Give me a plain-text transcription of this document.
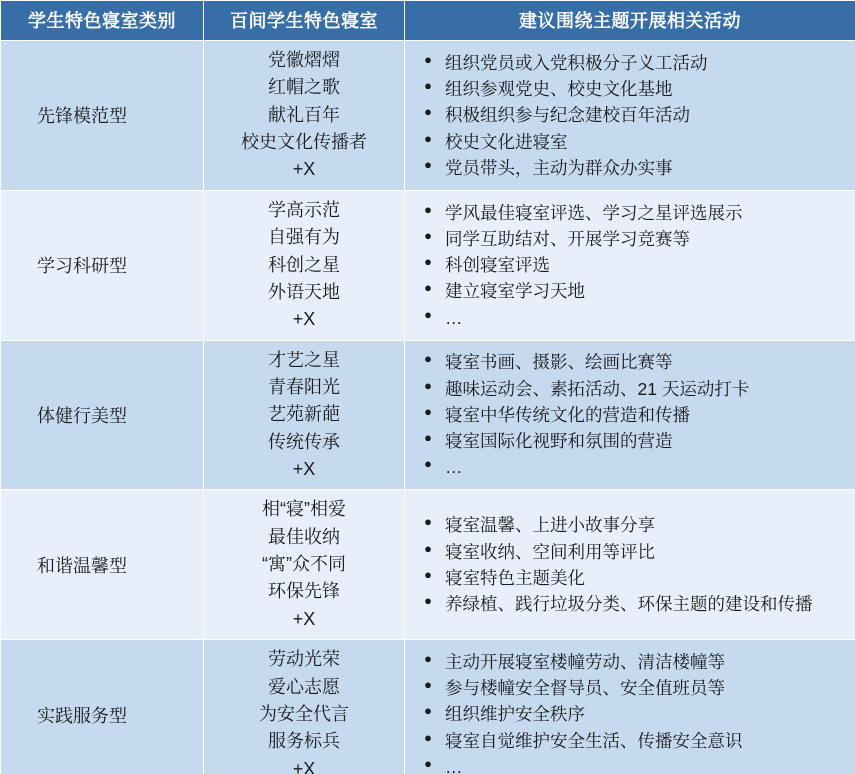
学生特色寝室类别	百间学生特色寝室	建议围绕主题开展相关活动
先锋模范型	
党徽熠熠
红帽之歌
献礼百年
校史文化传播者
+X

● 组织党员或入党积极分子义工活动
● 组织参观党史、校史文化基地
● 积极组织参与纪念建校百年活动
● 校史文化进寝室
● 党员带头，主动为群众办实事

学习科研型	
学高示范
自强有为
科创之星
外语天地
+X

● 学风最佳寝室评选、学习之星评选展示
● 同学互助结对、开展学习竞赛等
● 科创寝室评选
● 建立寝室学习天地
● …

体健行美型	
才艺之星
青春阳光
艺苑新葩
传统传承
+X

● 寝室书画、摄影、绘画比赛等
● 趣味运动会、素拓活动、21 天运动打卡
● 寝室中华传统文化的营造和传播
● 寝室国际化视野和氛围的营造
● …

和谐温馨型	
相“寝”相爱
最佳收纳
“寓”众不同
环保先锋
+X

● 寝室温馨、上进小故事分享
● 寝室收纳、空间利用等评比
● 寝室特色主题美化
● 养绿植、践行垃圾分类、环保主题的建设和传播

实践服务型	
劳动光荣
爱心志愿
为安全代言
服务标兵
+X

● 主动开展寝室楼幢劳动、清洁楼幢等
● 参与楼幢安全督导员、安全值班员等
● 组织维护安全秩序
● 寝室自觉维护安全生活、传播安全意识
● …
